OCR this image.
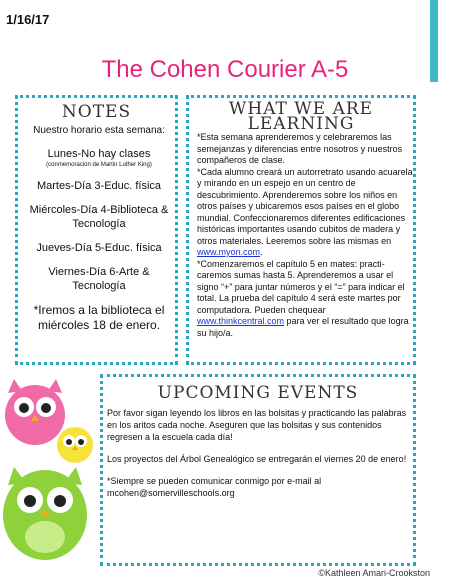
1/16/17
The Cohen Courier A-5
NOTES
Nuestro horario esta semana:
Lunes-No hay clases
(conmemoración de Martin Luther King)
Martes-Día 3-Educ. física
Miércoles-Día 4-Biblioteca & Tecnología
Jueves-Día 5-Educ. física
Viernes-Día 6-Arte & Tecnología
*Iremos a la biblioteca el miércoles 18 de enero.
WHAT WE ARE LEARNING
*Esta semana aprenderemos y celebraremos las semejanzas y diferencias entre nosotros y nuestros compañeros de clase.
*Cada alumno creará un autorretrato usando acuarela y mirando en un espejo en un centro de descubrimiento. Aprenderemos sobre los niños en otros países y ubicaremos esos países en el globo mundial. Confeccionaremos diferentes edificaciones históricas importantes usando cubitos de madera y otros materiales. Leeremos sobre las mismas en www.myon.com.
*Comenzaremos el capítulo 5 en mates: practi-caremos sumas hasta 5. Aprenderemos a usar el signo “+” para juntar números y el “=” para indicar el total. La prueba del capítulo 4 será este martes por computadora. Pueden chequear www.thinkcentral.com para ver el resultado que logra su hijo/a.
UPCOMING EVENTS

Por favor sigan leyendo los libros en las bolsitas y practicando las palabras en los aritos cada noche. Aseguren que las bolsitas y sus contenidos regresen a la escuela cada día!

Los proyectos del Árbol Genealógico se entregarán el viernes 20 de enero!

*Siempre se pueden comunicar conmigo por e-mail al mcohen@somervilleschools.org

©Kathleen Amari-Crookston
